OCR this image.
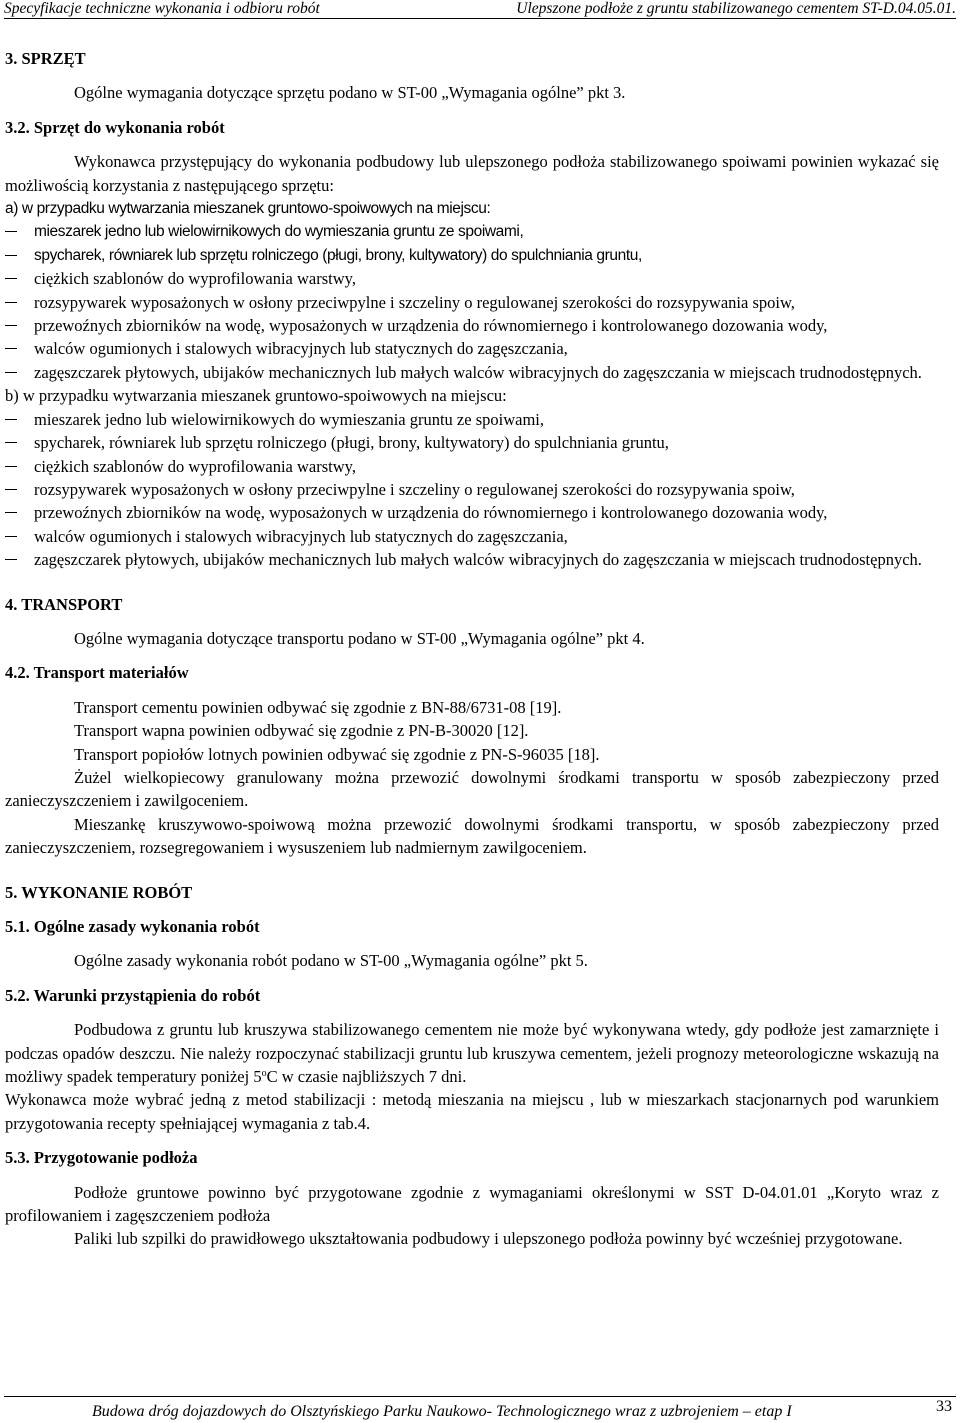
Specyfikacje techniczne wykonania i odbioru robót	Ulepszone podłoże z gruntu stabilizowanego cementem ST-D.04.05.01.
3. SPRZĘT
Ogólne wymagania dotyczące sprzętu podano w ST-00 „Wymagania ogólne” pkt 3.
3.2. Sprzęt do wykonania robót
Wykonawca przystępujący do wykonania podbudowy lub ulepszonego podłoża stabilizowanego spoiwami powinien wykazać się możliwością korzystania z następującego sprzętu:
a) w przypadku wytwarzania mieszanek gruntowo-spoiwowych na miejscu:
mieszarek jedno lub wielowirnikowych do wymieszania gruntu ze spoiwami,
spycharek, równiarek lub sprzętu rolniczego (pługi, brony, kultywatory) do spulchniania gruntu,
ciężkich szablonów do wyprofilowania warstwy,
rozsypywarek wyposażonych w osłony przeciwpylne i szczeliny o regulowanej szerokości do rozsypywania spoiw,
przewoźnych zbiorników na wodę, wyposażonych w urządzenia do równomiernego i kontrolowanego dozowania wody,
walców ogumionych i stalowych wibracyjnych lub statycznych do zagęszczania,
zagęszczarek płytowych, ubijaków mechanicznych lub małych walców wibracyjnych do zagęszczania w miejscach trudnodostępnych.
b) w przypadku wytwarzania mieszanek gruntowo-spoiwowych na miejscu:
mieszarek jedno lub wielowirnikowych do wymieszania gruntu ze spoiwami,
spycharek, równiarek lub sprzętu rolniczego (pługi, brony, kultywatory) do spulchniania gruntu,
ciężkich szablonów do wyprofilowania warstwy,
rozsypywarek wyposażonych w osłony przeciwpylne i szczeliny o regulowanej szerokości do rozsypywania spoiw,
przewoźnych zbiorników na wodę, wyposażonych w urządzenia do równomiernego i kontrolowanego dozowania wody,
walców ogumionych i stalowych wibracyjnych lub statycznych do zagęszczania,
zagęszczarek płytowych, ubijaków mechanicznych lub małych walców wibracyjnych do zagęszczania w miejscach trudnodostępnych.
4. TRANSPORT
Ogólne wymagania dotyczące transportu podano w ST-00 „Wymagania ogólne” pkt 4.
4.2. Transport materiałów
Transport cementu powinien odbywać się zgodnie z BN-88/6731-08 [19].
Transport wapna powinien odbywać się zgodnie z PN-B-30020 [12].
Transport popiołów lotnych powinien odbywać się zgodnie z PN-S-96035 [18].
Żużel wielkopiecowy granulowany można przewozić dowolnymi środkami transportu w sposób zabezpieczony przed zanieczyszczeniem i zawilgoceniem.
Mieszankę kruszywowo-spoiwową można przewozić dowolnymi środkami transportu, w sposób zabezpieczony przed zanieczyszczeniem, rozsegregowaniem i wysuszeniem lub nadmiernym zawilgoceniem.
5. WYKONANIE ROBÓT
5.1. Ogólne zasady wykonania robót
Ogólne zasady wykonania robót podano w ST-00 „Wymagania ogólne” pkt 5.
5.2. Warunki przystąpienia do robót
Podbudowa z gruntu lub kruszywa stabilizowanego cementem nie może być wykonywana wtedy, gdy podłoże jest zamarznięte i podczas opadów deszczu. Nie należy rozpoczynać stabilizacji gruntu lub kruszywa cementem, jeżeli prognozy meteorologiczne wskazują na możliwy spadek temperatury poniżej 5$^o$C w czasie najbliższych 7 dni.
Wykonawca może wybrać jedną z metod stabilizacji : metodą mieszania na miejscu , lub w mieszarkach stacjonarnych pod warunkiem przygotowania recepty spełniającej wymagania z tab.4.
5.3. Przygotowanie podłoża
Podłoże gruntowe powinno być przygotowane zgodnie z wymaganiami określonymi w SST D-04.01.01 „Koryto wraz z profilowaniem i zagęszczeniem podłoża
Paliki lub szpilki do prawidłowego ukształtowania podbudowy i ulepszonego podłoża powinny być wcześniej przygotowane.
Budowa dróg dojazdowych do Olsztyńskiego Parku Naukowo- Technologicznego wraz z uzbrojeniem – etap I	33
